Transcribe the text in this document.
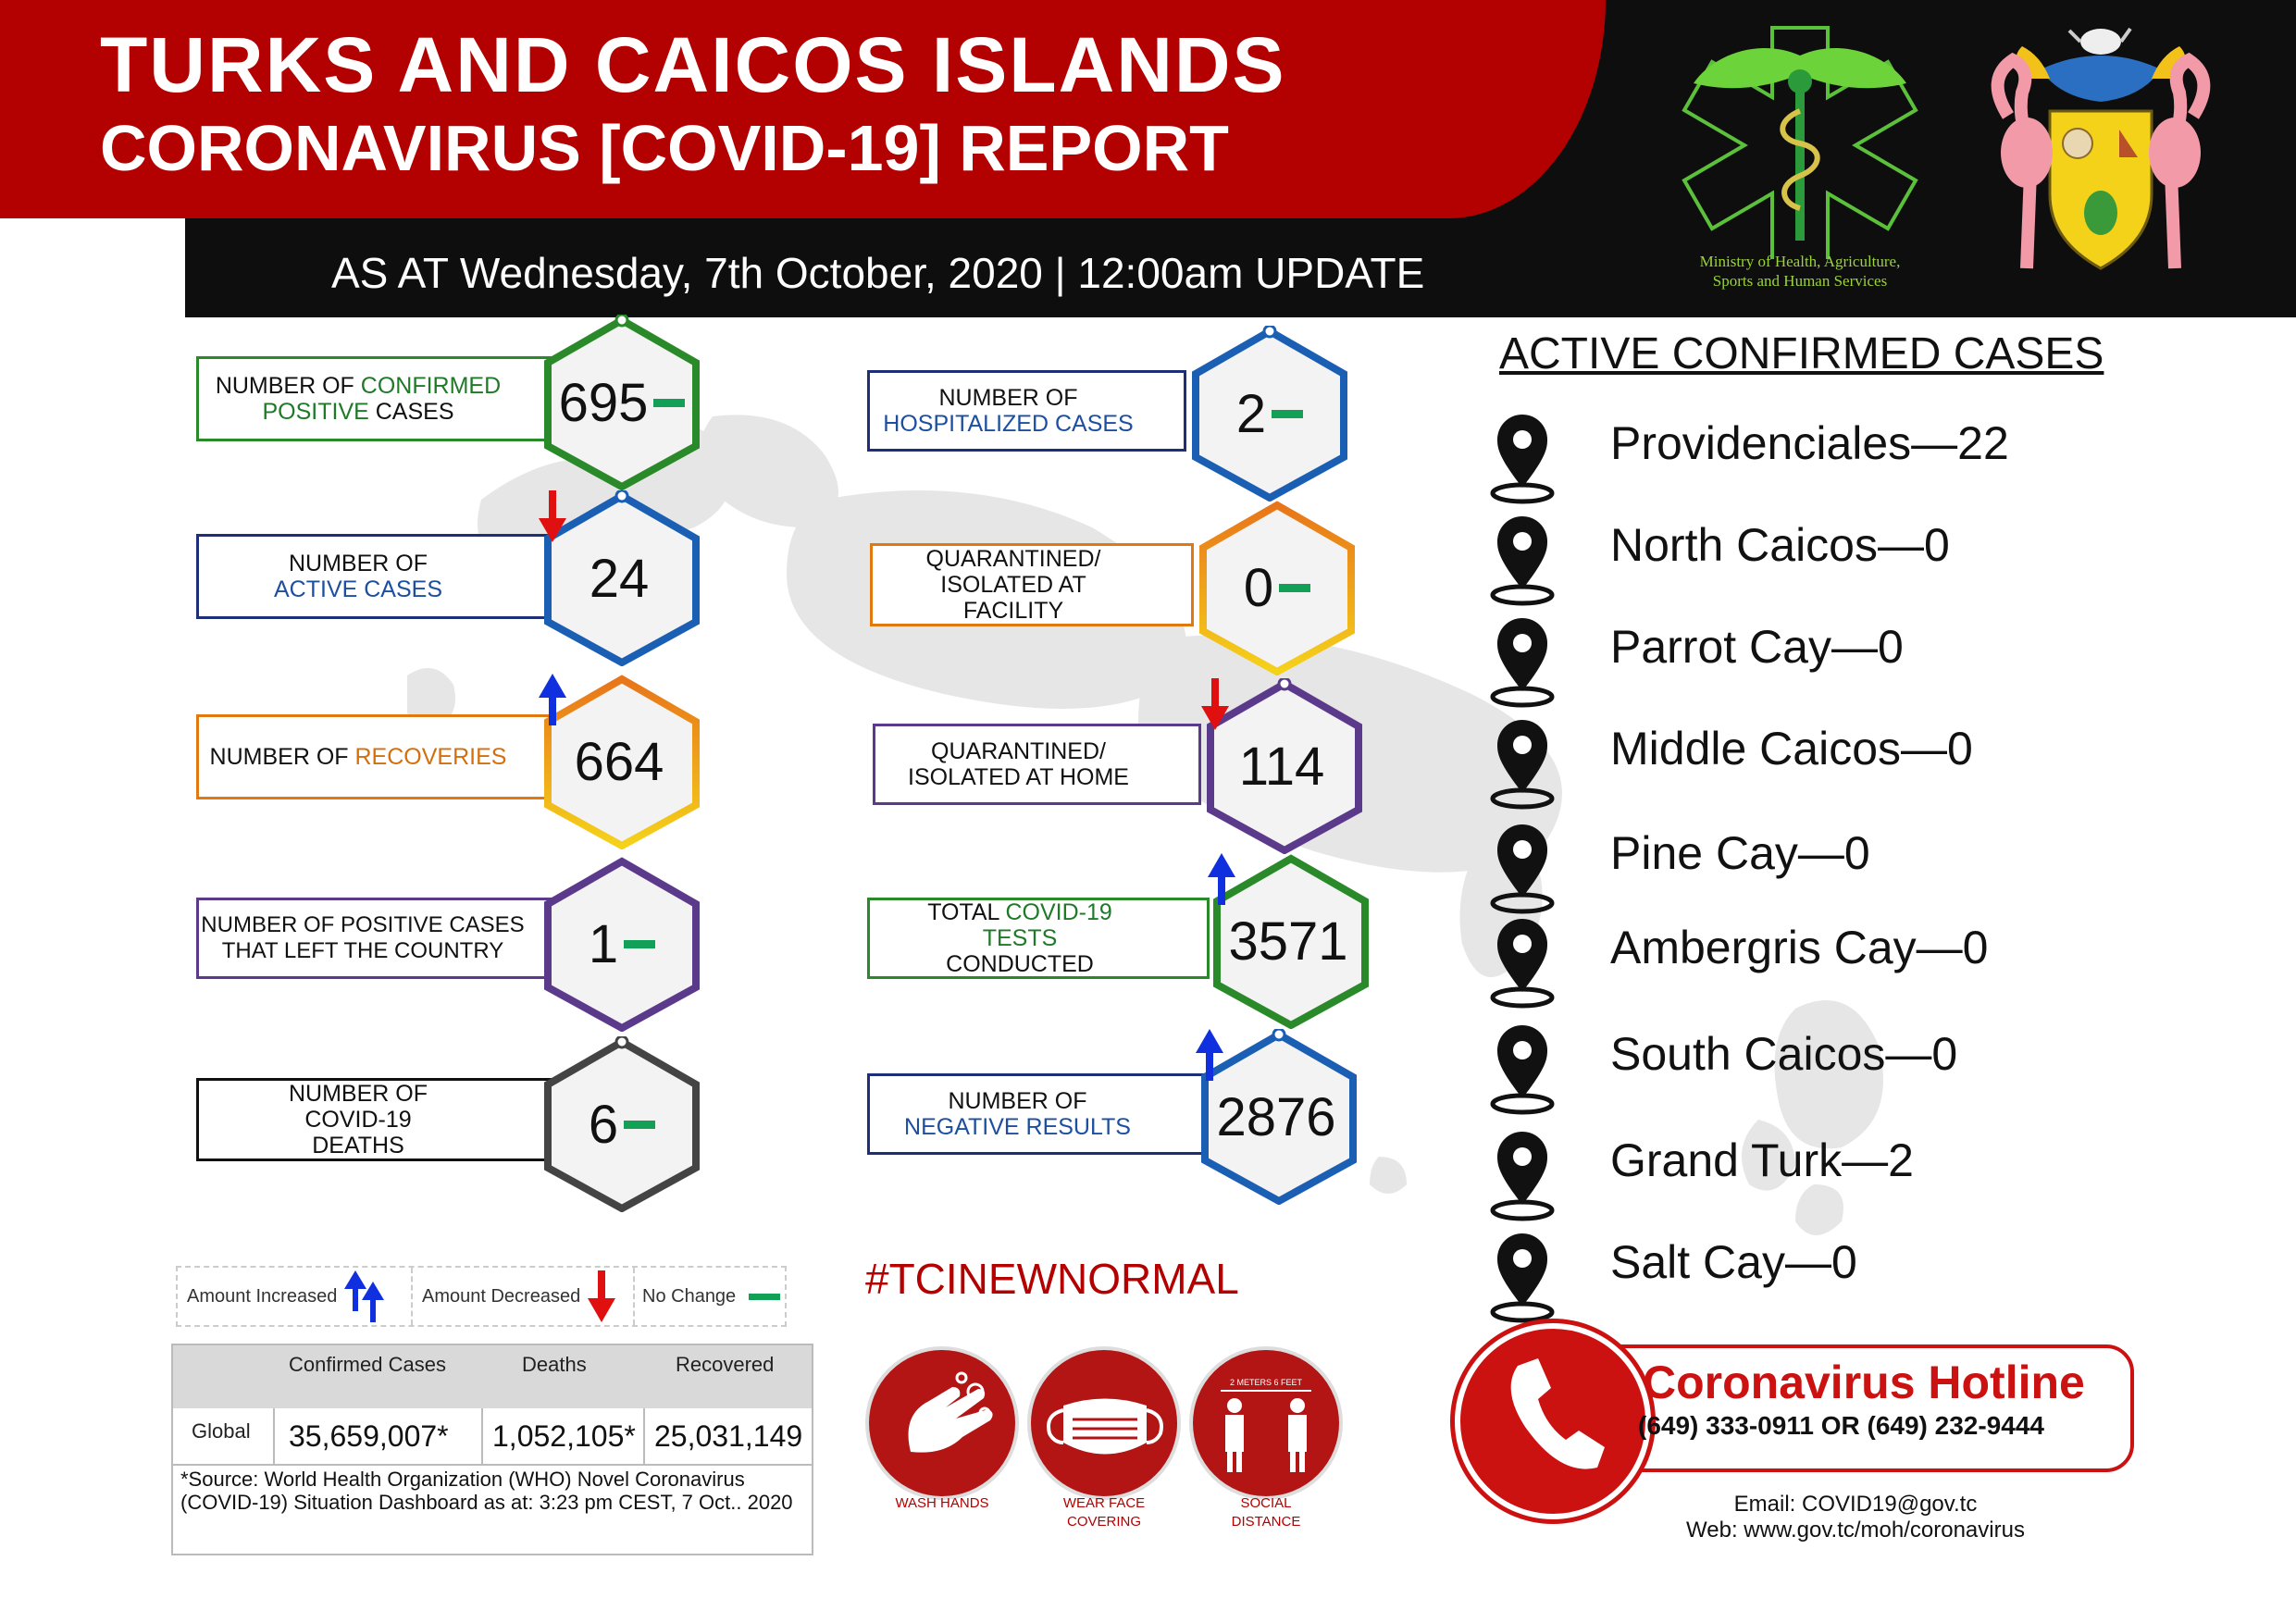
TURKS AND CAICOS ISLANDS
CORONAVIRUS [COVID-19] REPORT
AS AT Wednesday, 7th October, 2020 | 12:00am UPDATE	Ministry of Health, Agriculture,
Sports and Human Services
NUMBER OF CONFIRMED POSITIVE CASES	695
NUMBER OF
ACTIVE CASES	24
NUMBER OF RECOVERIES 664
NUMBER OF POSITIVE CASES THAT LEFT THE COUNTRY	1
NUMBER OF COVID-19 DEATHS	6
NUMBER OF
HOSPITALIZED CASES 2
QUARANTINED/ ISOLATED AT FACILITY	0
QUARANTINED/ ISOLATED AT HOME 114
TOTAL COVID-19 TESTS CONDUCTED	3571
NUMBER OF
NEGATIVE RESULTS 2876
ACTIVE CONFIRMED CASES
Providenciales—22
North Caicos—0
Parrot Cay—0
Middle Caicos—0
Pine Cay—0
Ambergris Cay—0
South Caicos—0
Grand Turk—2
Salt Cay—0
Amount Increased	Amount Decreased	No Change
Confirmed Cases	Deaths	Recovered
Global 35,659,007* 1,052,105* 25,031,149
*Source: World Health Organization (WHO) Novel Coronavirus (COVID-19) Situation Dashboard as at: 3:23 pm CEST, 7 Oct.. 2020
#TCINEWNORMAL
WASH HANDS	WEAR FACE
COVERING
2 METERS 6 FEET
SOCIAL
DISTANCE
Coronavirus Hotline
(649) 333-0911 OR (649) 232-9444
Email: COVID19@gov.tc
Web: www.gov.tc/moh/coronavirus
